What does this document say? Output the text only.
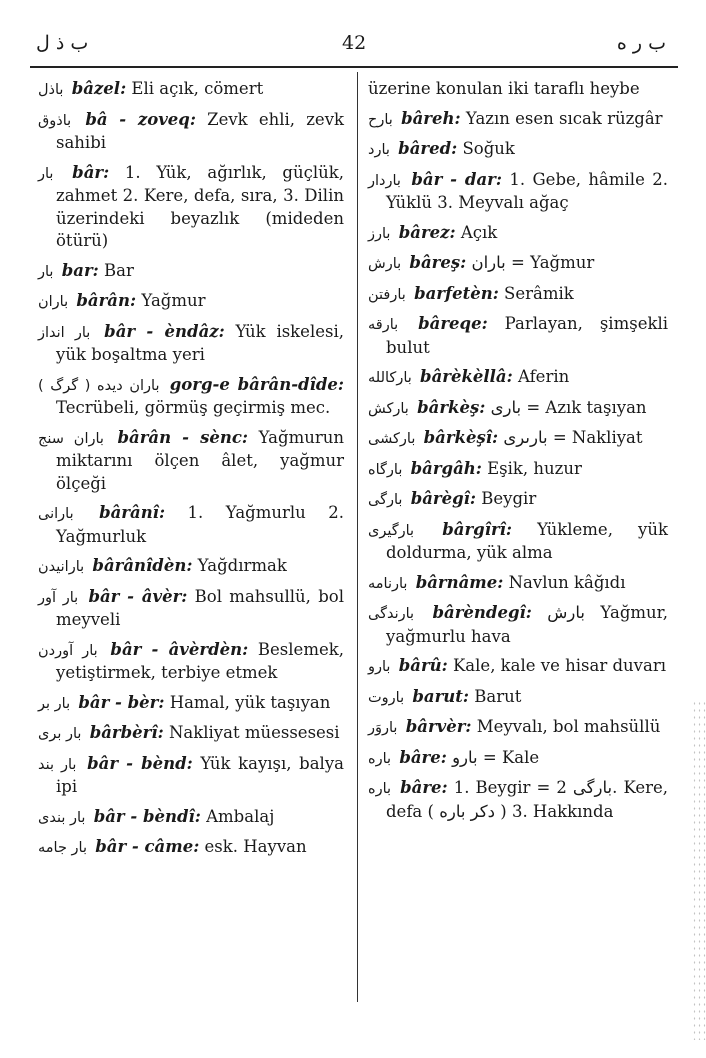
ب ذ ل	42	ب ر ه
باذل bâzel: Eli açık, cömert
باذوق bâ - zoveq: Zevk ehli, zevk sahibi
بار bâr: 1. Yük, ağırlık, güçlük, zahmet 2. Kere, defa, sıra, 3. Dilin üzerindeki beyazlık (mideden ötürü)
بار bar: Bar
باران bârân: Yağmur
بار انداز bâr - èndâz: Yük iskelesi, yük boşaltma yeri
باران دیده ( گرگ ) gorg-e bârân-dîde: Tecrübeli, görmüş geçirmiş mec.
باران سنج bârân - sènc: Yağmurun miktarını ölçen âlet, yağmur ölçeği
بارانى bârânî: 1. Yağmurlu 2. Yağmurluk
بارانيدن bârânîdèn: Yağdırmak
بار آور bâr - âvèr: Bol mahsullü, bol meyveli
بار آوردن bâr - âvèrdèn: Beslemek, yetiştirmek, terbiye etmek
بار بر bâr - bèr: Hamal, yük taşıyan
بار برى bârbèrî: Nakliyat müessesesi
بار بند bâr - bènd: Yük kayışı, balya ipi
بار بندى bâr - bèndî: Ambalaj
بار جامه bâr - câme: esk. Hayvan
üzerine konulan iki taraflı heybe
بارح bâreh: Yazın esen sıcak rüzgâr
بارد bâred: Soğuk
باردار bâr - dar: 1. Gebe, hâmile 2. Yüklü 3. Meyvalı ağaç
بارز bârez: Açık
بارش bâreş: باران = Yağmur
بارفتن barfetèn: Serâmik
بارقه bâreqe: Parlayan, şimşekli bulut
باركالله bârèkèllâ: Aferin
باركش bârkèş: بارى = Azık taşıyan
باركشى bârkèşî: بارىرى = Nakliyat
بارگاه bârgâh: Eşik, huzur
بارگى bârègî: Beygir
بارگيرى bârgîrî: Yükleme, yük doldurma, yük alma
بارنامه bârnâme: Navlun kâğıdı
بارندگى bârèndegî: بارش Yağmur, yağmurlu hava
بارو bârû: Kale, kale ve hisar duvarı
باروت barut: Barut
باروَر bârvèr: Meyvalı, bol mahsüllü
باره bâre: بارو = Kale
باره bâre: 1. Beygir = بارگى 2. Kere, defa ( دكر باره ) 3. Hakkında
